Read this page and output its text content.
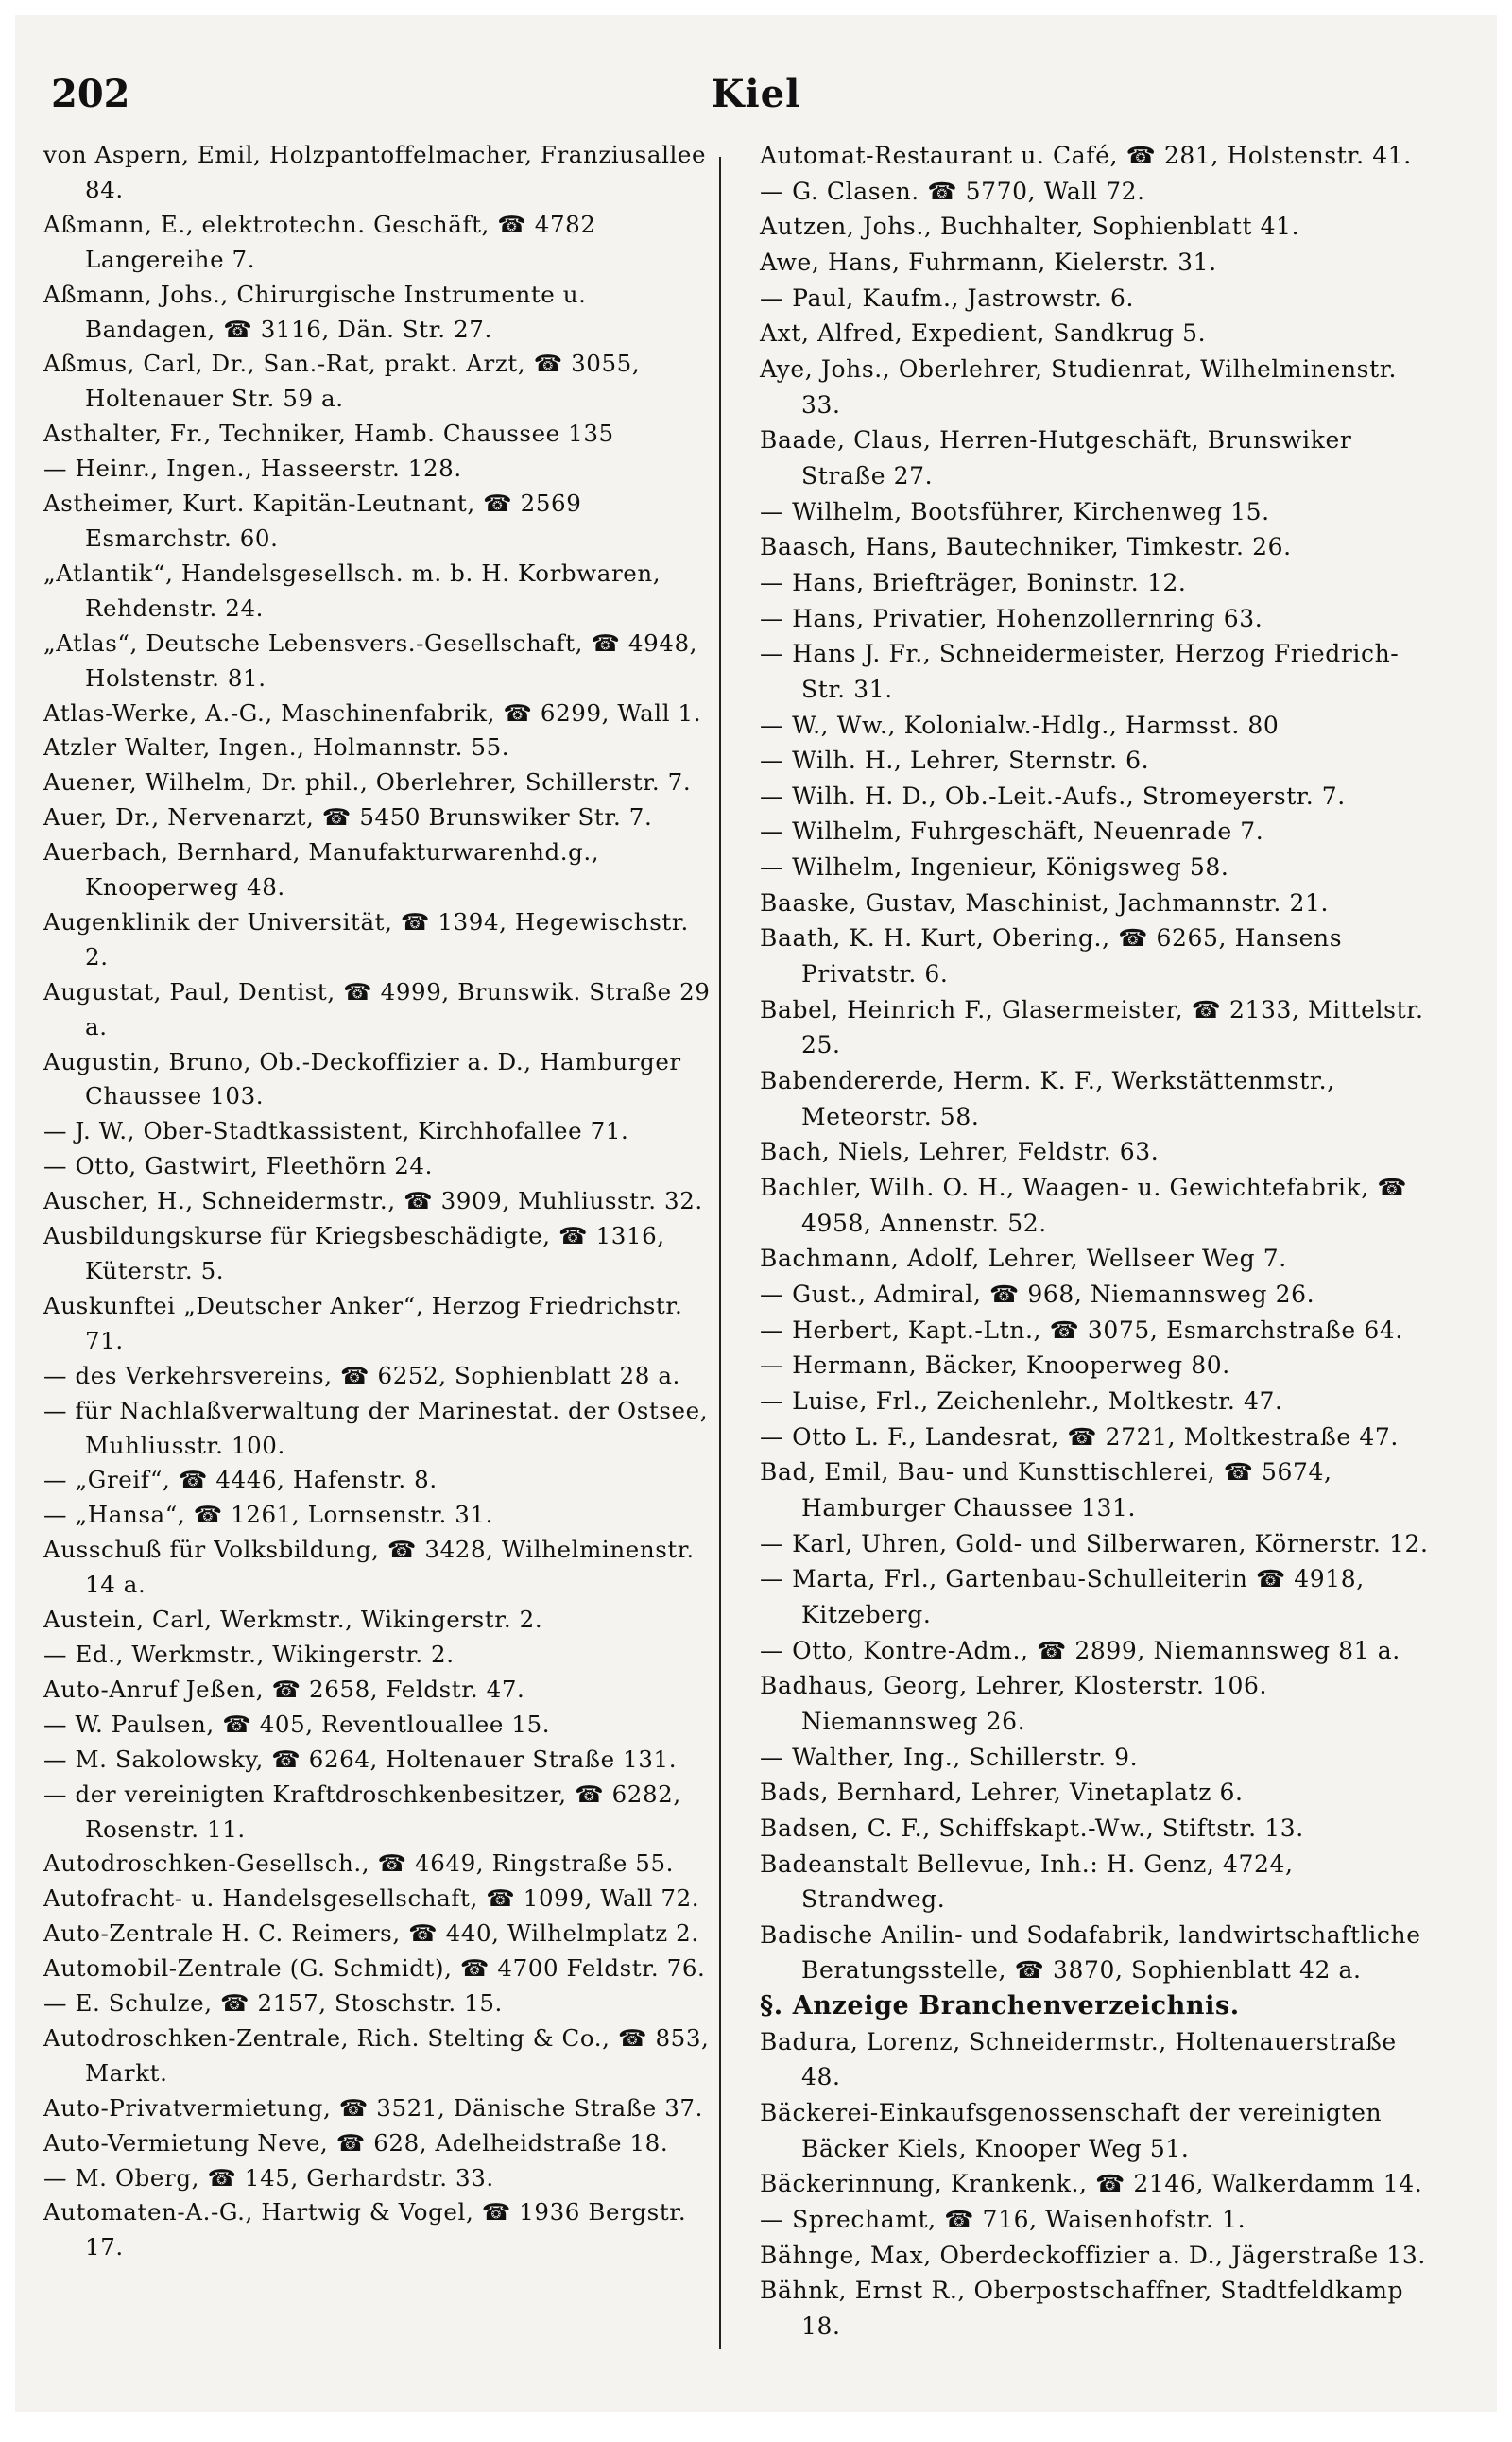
202	Kiel
von Aspern, Emil, Holzpantoffelmacher, Franziusallee 84.
Aßmann, E., elektrotechn. Geschäft, ☎ 4782 Langereihe 7.
Aßmann, Johs., Chirurgische Instrumente u. Bandagen, ☎ 3116, Dän. Str. 27.
Aßmus, Carl, Dr., San.-Rat, prakt. Arzt, ☎ 3055, Holtenauer Str. 59 a.
Asthalter, Fr., Techniker, Hamb. Chaussee 135
— Heinr., Ingen., Hasseerstr. 128.
Astheimer, Kurt. Kapitän-Leutnant, ☎ 2569 Esmarchstr. 60.
„Atlantik“, Handelsgesellsch. m. b. H. Korbwaren, Rehdenstr. 24.
„Atlas“, Deutsche Lebensvers.-Gesellschaft, ☎ 4948, Holstenstr. 81.
Atlas-Werke, A.-G., Maschinenfabrik, ☎ 6299, Wall 1.
Atzler Walter, Ingen., Holmannstr. 55.
Auener, Wilhelm, Dr. phil., Oberlehrer, Schillerstr. 7.
Auer, Dr., Nervenarzt, ☎ 5450 Brunswiker Str. 7.
Auerbach, Bernhard, Manufakturwarenhd.g., Knooperweg 48.
Augenklinik der Universität, ☎ 1394, Hegewischstr. 2.
Augustat, Paul, Dentist, ☎ 4999, Brunswik. Straße 29 a.
Augustin, Bruno, Ob.-Deckoffizier a. D., Hamburger Chaussee 103.
— J. W., Ober-Stadtkassistent, Kirchhofallee 71.
— Otto, Gastwirt, Fleethörn 24.
Auscher, H., Schneidermstr., ☎ 3909, Muhliusstr. 32.
Ausbildungskurse für Kriegsbeschädigte, ☎ 1316, Küterstr. 5.
Auskunftei „Deutscher Anker“, Herzog Friedrichstr. 71.
— des Verkehrsvereins, ☎ 6252, Sophienblatt 28 a.
— für Nachlaßverwaltung der Marinestat. der Ostsee, Muhliusstr. 100.
— „Greif“, ☎ 4446, Hafenstr. 8.
— „Hansa“, ☎ 1261, Lornsenstr. 31.
Ausschuß für Volksbildung, ☎ 3428, Wilhelminenstr. 14 a.
Austein, Carl, Werkmstr., Wikingerstr. 2.
— Ed., Werkmstr., Wikingerstr. 2.
Auto-Anruf Jeßen, ☎ 2658, Feldstr. 47.
— W. Paulsen, ☎ 405, Reventlouallee 15.
— M. Sakolowsky, ☎ 6264, Holtenauer Straße 131.
— der vereinigten Kraftdroschkenbesitzer, ☎ 6282, Rosenstr. 11.
Autodroschken-Gesellsch., ☎ 4649, Ringstraße 55.
Autofracht- u. Handelsgesellschaft, ☎ 1099, Wall 72.
Auto-Zentrale H. C. Reimers, ☎ 440, Wilhelmplatz 2.
Automobil-Zentrale (G. Schmidt), ☎ 4700 Feldstr. 76.
— E. Schulze, ☎ 2157, Stoschstr. 15.
Autodroschken-Zentrale, Rich. Stelting & Co., ☎ 853, Markt.
Auto-Privatvermietung, ☎ 3521, Dänische Straße 37.
Auto-Vermietung Neve, ☎ 628, Adelheidstraße 18.
— M. Oberg, ☎ 145, Gerhardstr. 33.
Automaten-A.-G., Hartwig & Vogel, ☎ 1936 Bergstr. 17.
Automat-Restaurant u. Café, ☎ 281, Holstenstr. 41.
— G. Clasen. ☎ 5770, Wall 72.
Autzen, Johs., Buchhalter, Sophienblatt 41.
Awe, Hans, Fuhrmann, Kielerstr. 31.
— Paul, Kaufm., Jastrowstr. 6.
Axt, Alfred, Expedient, Sandkrug 5.
Aye, Johs., Oberlehrer, Studienrat, Wilhelminenstr. 33.
Baade, Claus, Herren-Hutgeschäft, Brunswiker Straße 27.
— Wilhelm, Bootsführer, Kirchenweg 15.
Baasch, Hans, Bautechniker, Timkestr. 26.
— Hans, Briefträger, Boninstr. 12.
— Hans, Privatier, Hohenzollernring 63.
— Hans J. Fr., Schneidermeister, Herzog Friedrich-Str. 31.
— W., Ww., Kolonialw.-Hdlg., Harmsst. 80
— Wilh. H., Lehrer, Sternstr. 6.
— Wilh. H. D., Ob.-Leit.-Aufs., Stromeyerstr. 7.
— Wilhelm, Fuhrgeschäft, Neuenrade 7.
— Wilhelm, Ingenieur, Königsweg 58.
Baaske, Gustav, Maschinist, Jachmannstr. 21.
Baath, K. H. Kurt, Obering., ☎ 6265, Hansens Privatstr. 6.
Babel, Heinrich F., Glasermeister, ☎ 2133, Mittelstr. 25.
Babendererde, Herm. K. F., Werkstättenmstr., Meteorstr. 58.
Bach, Niels, Lehrer, Feldstr. 63.
Bachler, Wilh. O. H., Waagen- u. Gewichtefabrik, ☎ 4958, Annenstr. 52.
Bachmann, Adolf, Lehrer, Wellseer Weg 7.
— Gust., Admiral, ☎ 968, Niemannsweg 26.
— Herbert, Kapt.-Ltn., ☎ 3075, Esmarchstraße 64.
— Hermann, Bäcker, Knooperweg 80.
— Luise, Frl., Zeichenlehr., Moltkestr. 47.
— Otto L. F., Landesrat, ☎ 2721, Moltkestraße 47.
Bad, Emil, Bau- und Kunsttischlerei, ☎ 5674, Hamburger Chaussee 131.
— Karl, Uhren, Gold- und Silberwaren, Körnerstr. 12.
— Marta, Frl., Gartenbau-Schulleiterin ☎ 4918, Kitzeberg.
— Otto, Kontre-Adm., ☎ 2899, Niemannsweg 81 a.
Badhaus, Georg, Lehrer, Klosterstr. 106. Niemannsweg 26.
— Walther, Ing., Schillerstr. 9.
Bads, Bernhard, Lehrer, Vinetaplatz 6.
Badsen, C. F., Schiffskapt.-Ww., Stiftstr. 13.
Badeanstalt Bellevue, Inh.: H. Genz, 4724, Strandweg.
Badische Anilin- und Sodafabrik, landwirtschaftliche Beratungsstelle, ☎ 3870, Sophienblatt 42 a.
§. Anzeige Branchenverzeichnis.
Badura, Lorenz, Schneidermstr., Holtenauerstraße 48.
Bäckerei-Einkaufsgenossenschaft der vereinigten Bäcker Kiels, Knooper Weg 51.
Bäckerinnung, Krankenk., ☎ 2146, Walkerdamm 14.
— Sprechamt, ☎ 716, Waisenhofstr. 1.
Bähnge, Max, Oberdeckoffizier a. D., Jägerstraße 13.
Bähnk, Ernst R., Oberpostschaffner, Stadtfeldkamp 18.
